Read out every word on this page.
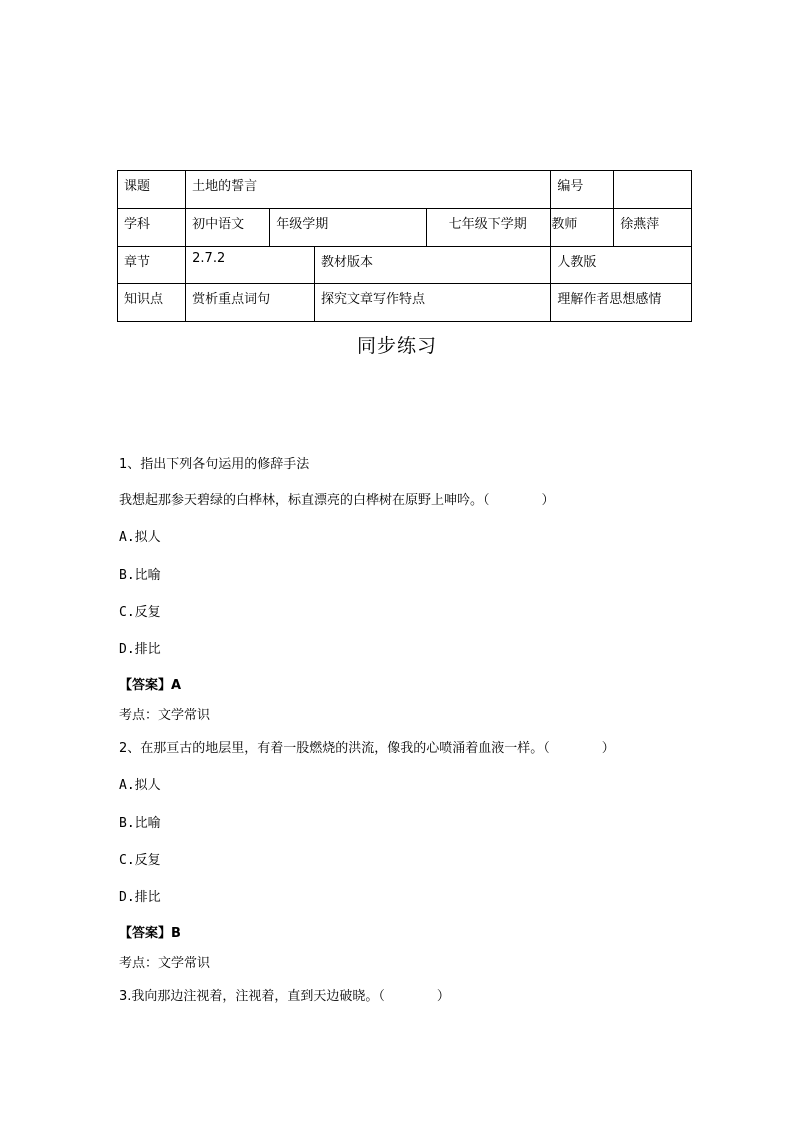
课题	土地的誓言				编号	
学科	初中语文	年级学期		七年级下学期	教师	徐燕萍
章节	2.7.2		教材版本		人教版	
知识点	赏析重点词句		探究文章写作特点		理解作者思想感情	
同步练习
1、指出下列各句运用的修辞手法
我想起那参天碧绿的白桦林，标直漂亮的白桦树在原野上呻吟。（　　　　）
A.拟人
B.比喻
C.反复
D.排比
【答案】A
考点：文学常识
2、在那亘古的地层里，有着一股燃烧的洪流，像我的心喷涌着血液一样。（　　　　）
A.拟人
B.比喻
C.反复
D.排比
【答案】B
考点：文学常识
3.我向那边注视着，注视着，直到天边破晓。（　　　　）
